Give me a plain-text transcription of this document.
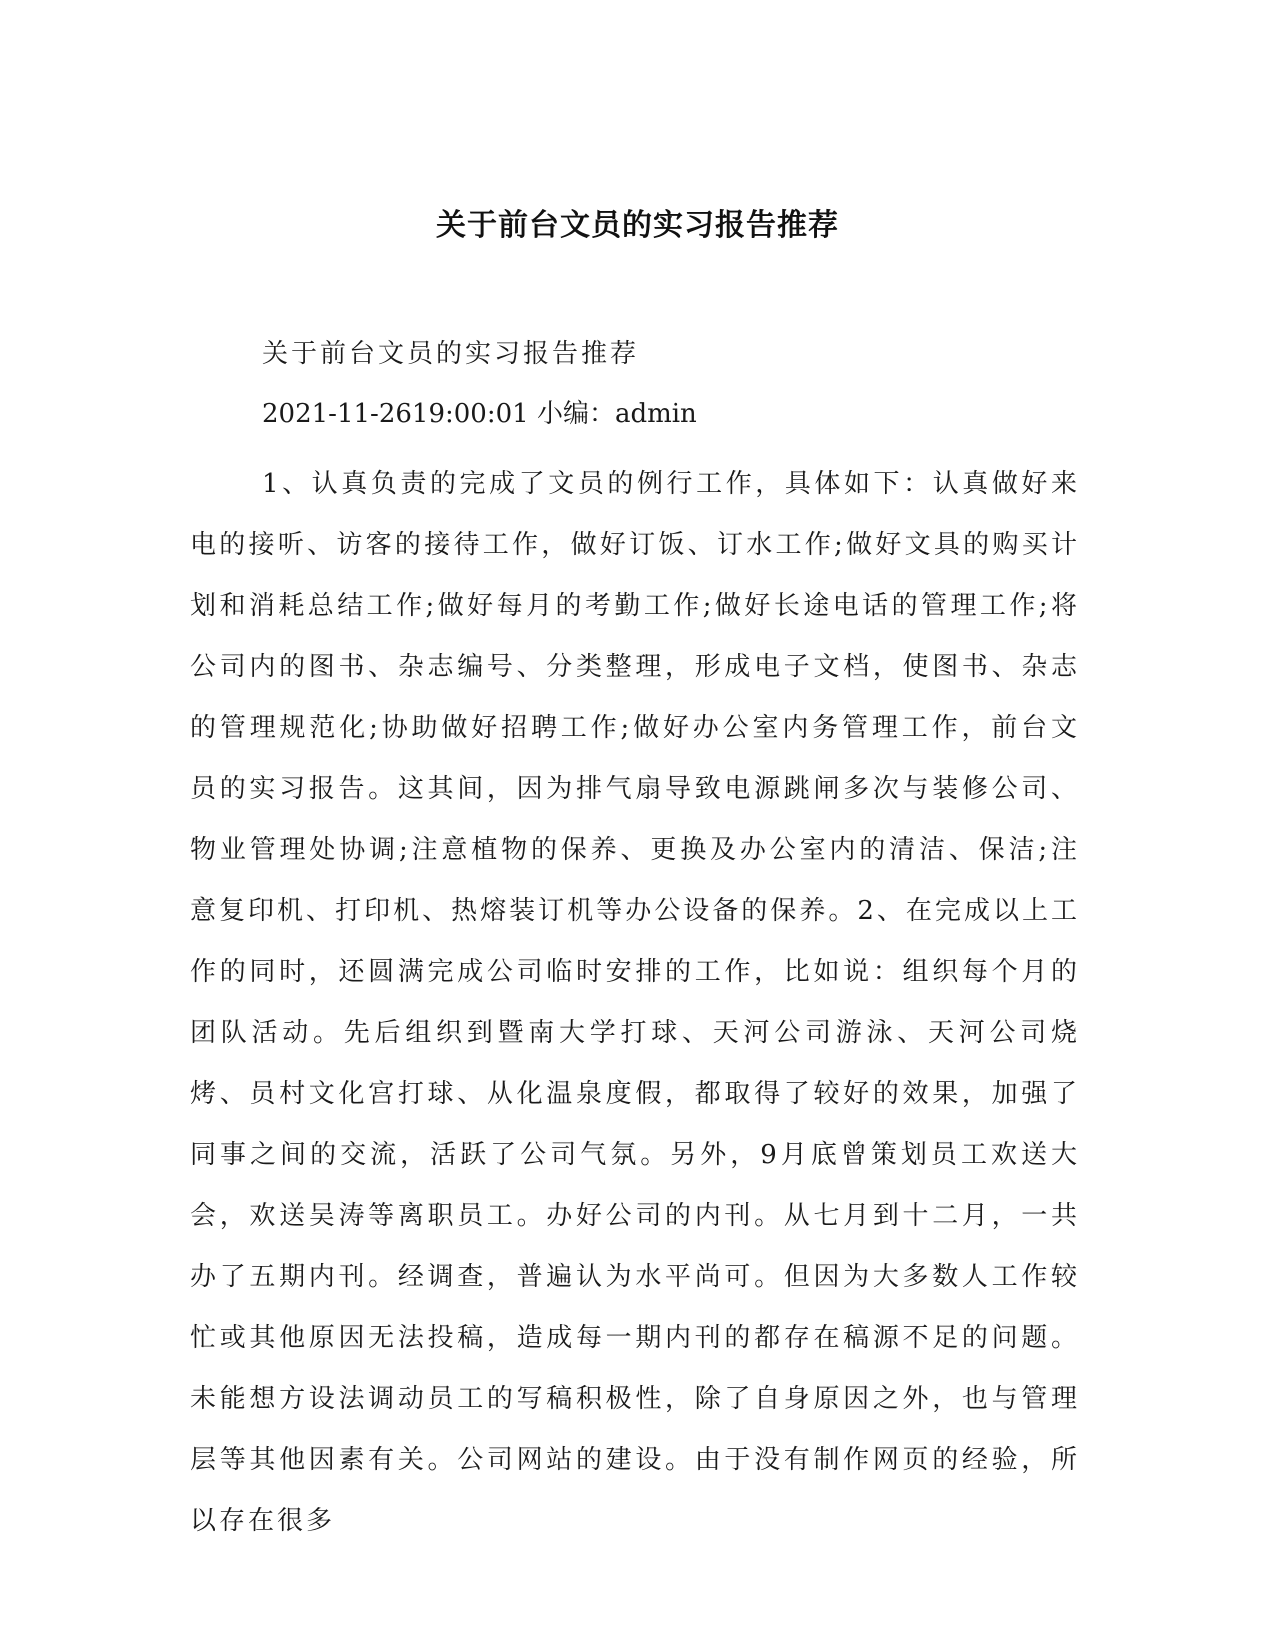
关于前台文员的实习报告推荐
关于前台文员的实习报告推荐
2021-11-2619:00:01 小编：admin

1、认真负责的完成了文员的例行工作，具体如下：认真做好来电的接听、访客的接待工作，做好订饭、订水工作;做好文具的购买计划和消耗总结工作;做好每月的考勤工作;做好长途电话的管理工作;将公司内的图书、杂志编号、分类整理，形成电子文档，使图书、杂志的管理规范化;协助做好招聘工作;做好办公室内务管理工作，前台文员的实习报告。这其间，因为排气扇导致电源跳闸多次与装修公司、物业管理处协调;注意植物的保养、更换及办公室内的清洁、保洁;注意复印机、打印机、热熔装订机等办公设备的保养。2、在完成以上工作的同时，还圆满完成公司临时安排的工作，比如说：组织每个月的团队活动。先后组织到暨南大学打球、天河公司游泳、天河公司烧烤、员村文化宫打球、从化温泉度假，都取得了较好的效果，加强了同事之间的交流，活跃了公司气氛。另外，9月底曾策划员工欢送大会，欢送吴涛等离职员工。办好公司的内刊。从七月到十二月，一共办了五期内刊。经调查，普遍认为水平尚可。但因为大多数人工作较忙或其他原因无法投稿，造成每一期内刊的都存在稿源不足的问题。未能想方设法调动员工的写稿积极性，除了自身原因之外，也与管理层等其他因素有关。公司网站的建设。由于没有制作网页的经验，所以存在很多
